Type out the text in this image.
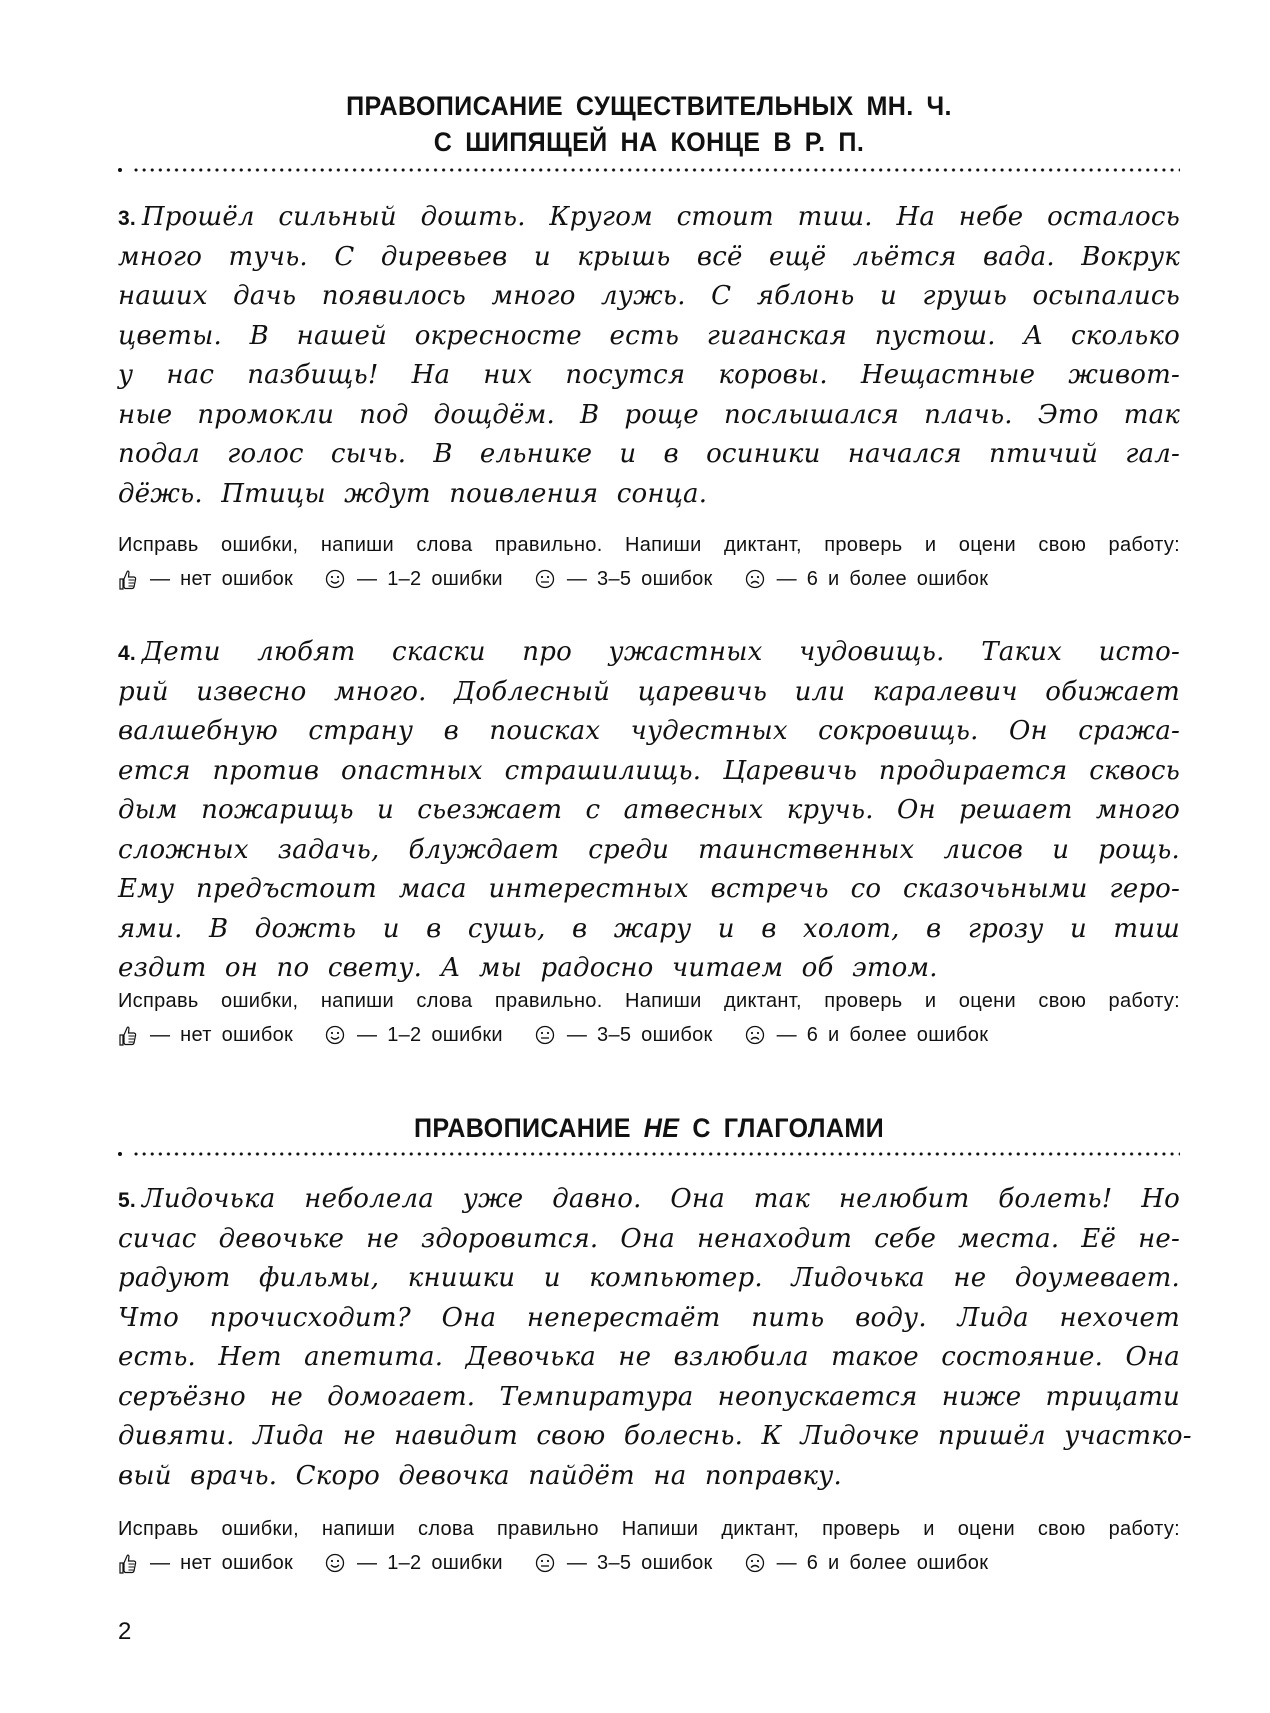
ПРАВОПИСАНИЕ СУЩЕСТВИТЕЛЬНЫХ МН. Ч.
С ШИПЯЩЕЙ НА КОНЦЕ В Р. П.
3. Прошёл сильный дошть. Кругом стоит тиш. На небе осталось
много тучь. С диревьев и крышь всё ещё льётся вада. Вокрук
наших дачь появилось много лужь. С яблонь и грушь осыпались
цветы. В нашей окресносте есть гиганская пустош. А сколько
у нас пазбищь! На них посутся коровы. Нещастные живот-
ные промокли под дощдём. В роще послышался плачь. Это так
подал голос сычь. В ельнике и в осиники начался птичий гал-
дёжь. Птицы ждут поивления сонца.
Исправь ошибки, напиши слова правильно. Напиши диктант, проверь и оцени свою работу:
— нет ошибок	— 1–2 ошибки	— 3–5 ошибок	— 6 и более ошибок
4. Дети любят скаски про ужастных чудовищь. Таких исто-
рий извесно много. Доблесный царевичь или каралевич обижает
валшебную страну в поисках чудестных сокровищь. Он сража-
ется против опастных страшилищь. Царевичь продирается сквось
дым пожарищь и сьезжает с атвесных кручь. Он решает много
сложных задачь, блуждает среди таинственных лисов и рощь.
Ему предъстоит маса интерестных встречь со сказочьными геро-
ями. В дожть и в сушь, в жару и в холот, в грозу и тиш
ездит он по свету. А мы радосно читаем об этом.
Исправь ошибки, напиши слова правильно. Напиши диктант, проверь и оцени свою работу:
— нет ошибок	— 1–2 ошибки	— 3–5 ошибок	— 6 и более ошибок
ПРАВОПИСАНИЕ НЕ С ГЛАГОЛАМИ
5. Лидочька неболела уже давно. Она так нелюбит болеть! Но
сичас девочьке не здоровится. Она ненаходит себе места. Её не-
радуют фильмы, книшки и компьютер. Лидочька не доумевает.
Что прочисходит? Она неперестаёт пить воду. Лида нехочет
есть. Нет апетита. Девочька не взлюбила такое состояние. Она
серъёзно не домогает. Темпиратура неопускается ниже трицати
дивяти. Лида не навидит свою болеснь. К Лидочке пришёл участко-
вый врачь. Скоро девочка пайдёт на поправку.
Исправь ошибки, напиши слова правильно Напиши диктант, проверь и оцени свою работу:
— нет ошибок	— 1–2 ошибки	— 3–5 ошибок	— 6 и более ошибок
2
